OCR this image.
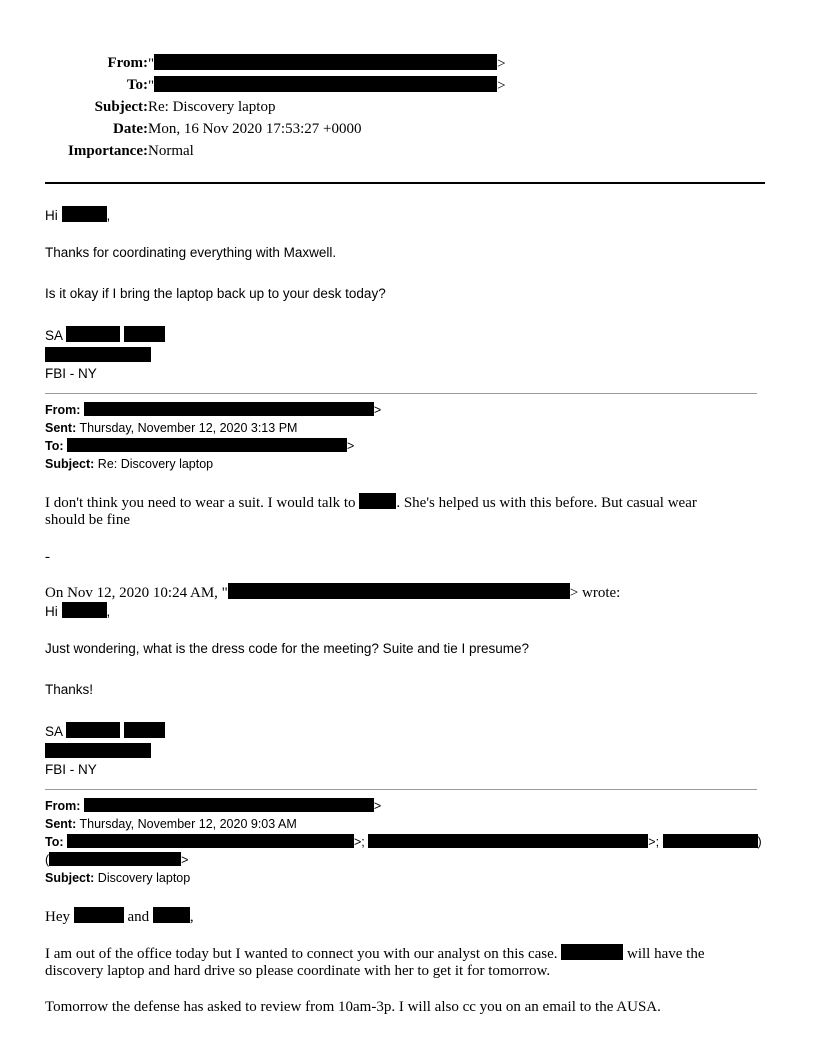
From: "	>
To: "	>
Subject: Re: Discovery laptop
Date: Mon, 16 Nov 2020 17:53:27 +0000
Importance: Normal
Hi	,
Thanks for coordinating everything with Maxwell.
Is it okay if I bring the laptop back up to your desk today?
SA
FBI - NY
From:	>
Sent: Thursday, November 12, 2020 3:13 PM
To:	>
Subject: Re: Discovery laptop
I don't think you need to wear a suit. I would talk to	. She's helped us with this before. But casual wear
should be fine
-
On Nov 12, 2020 10:24 AM, "	> wrote:
Hi	,
Just wondering, what is the dress code for the meeting? Suite and tie I presume?
Thanks!
SA
FBI - NY
From:	>
Sent: Thursday, November 12, 2020 9:03 AM
To:	>;	>;	)
(	>
Subject: Discovery laptop
Hey	and	,
I am out of the office today but I wanted to connect you with our analyst on this case.	will have the
discovery laptop and hard drive so please coordinate with her to get it for tomorrow.
Tomorrow the defense has asked to review from 10am-3p. I will also cc you on an email to the AUSA.
